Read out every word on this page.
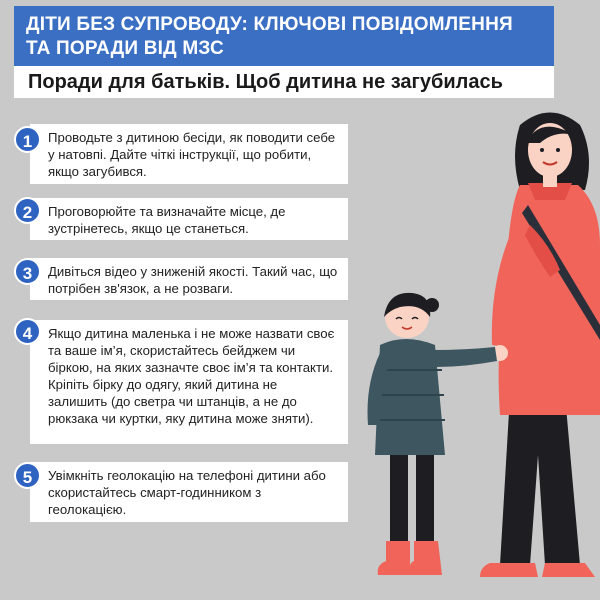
ДІТИ БЕЗ СУПРОВОДУ: КЛЮЧОВІ ПОВІДОМЛЕННЯ
ТА ПОРАДИ ВІД МЗС
Поради для батьків. Щоб дитина не загубилась
Проводьте з дитиною бесіди, як поводити себе у натовпі. Дайте чіткі інструкції, що робити, якщо загубився.
1
Проговорюйте та визначайте місце, де зустрінетесь, якщо це станеться.
2
Дивіться відео у зниженій якості. Такий час, що потрібен зв'язок, а не розваги.
3
Якщо дитина маленька і не може назвати своє та ваше ім’я, скористайтесь бейджем чи біркою, на яких зазначте своє ім’я та контакти. Кріпіть бірку до одягу, який дитина не залишить (до светра чи штанців, а не до рюкзака чи куртки, яку дитина може зняти).
4
Увімкніть геолокацію на телефоні дитини або скористайтесь смарт-годинником з геолокацією.
5
